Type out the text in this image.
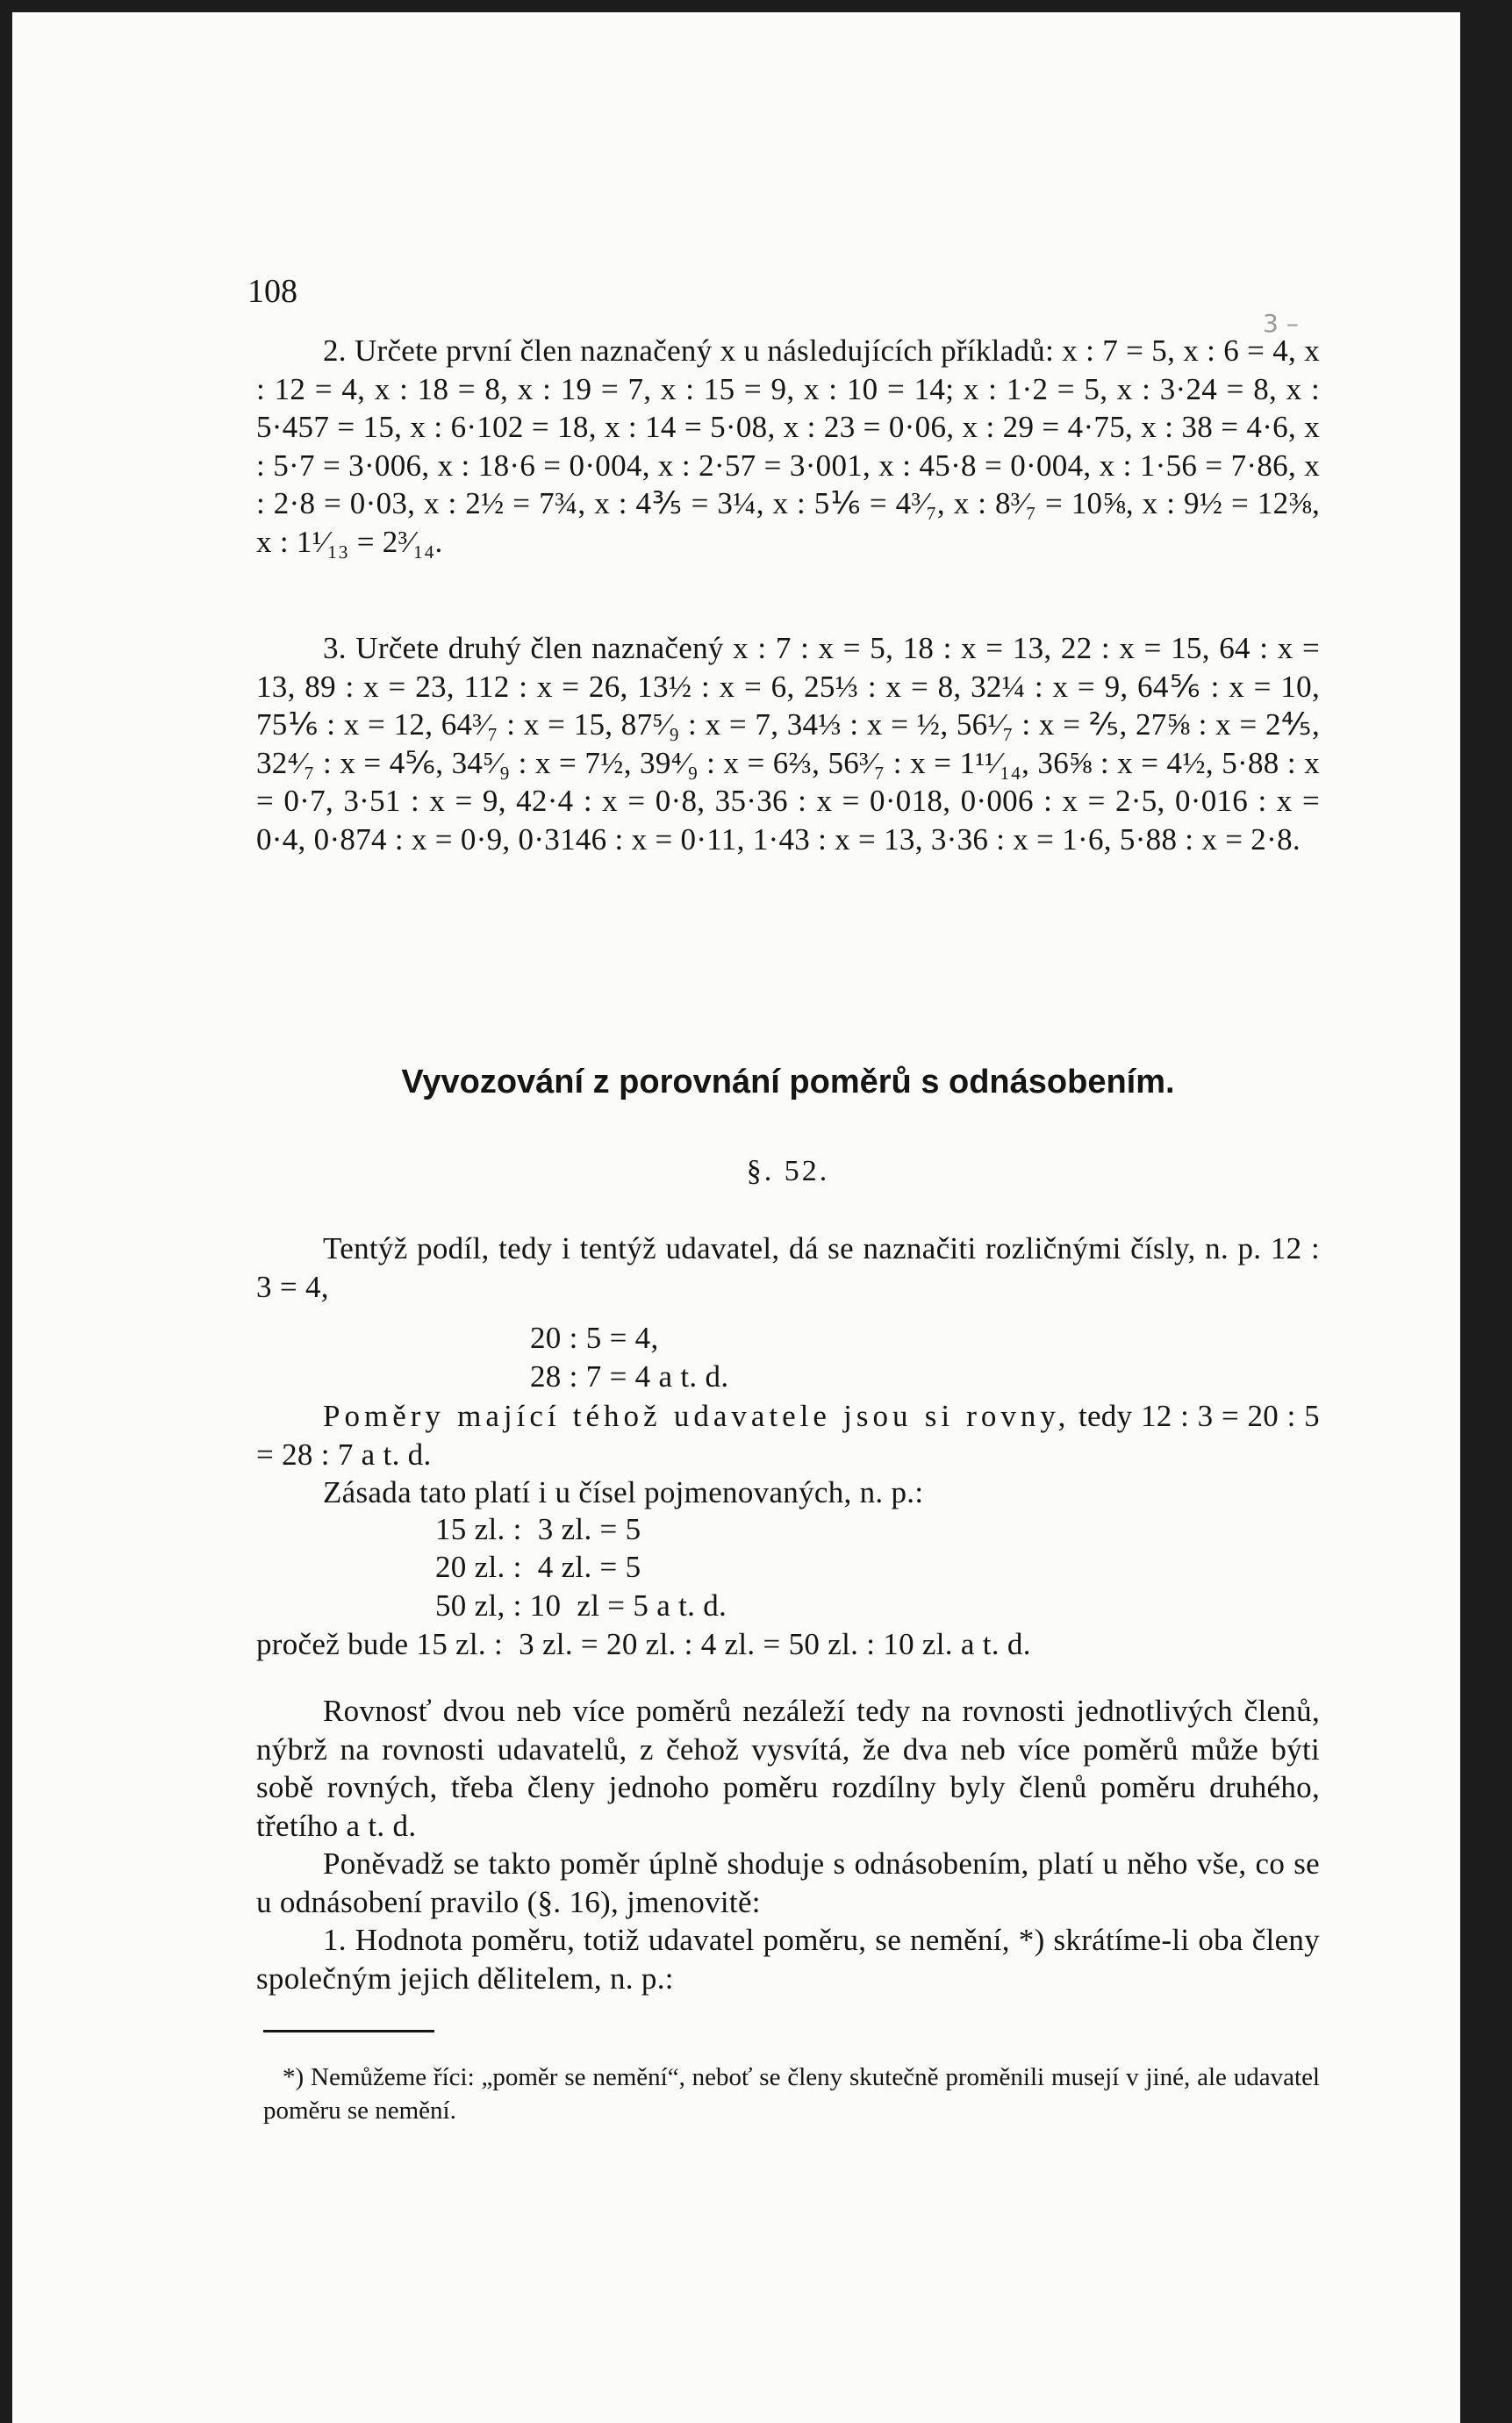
3 –

108

2. Určete první člen naznačený x u následujících příkladů: x : 7 = 5, x : 6 = 4, x : 12 = 4, x : 18 = 8, x : 19 = 7, x : 15 = 9, x : 10 = 14; x : 1·2 = 5, x : 3·24 = 8, x : 5·457 = 15, x : 6·102 = 18, x : 14 = 5·08, x : 23 = 0·06, x : 29 = 4·75, x : 38 = 4·6, x : 5·7 = 3·006, x : 18·6 = 0·004, x : 2·57 = 3·001, x : 45·8 = 0·004, x : 1·56 = 7·86, x : 2·8 = 0·03, x : 2½ = 7¾, x : 4⅗ = 3¼, x : 5⅙ = 4³⁄₇, x : 8³⁄₇ = 10⅝, x : 9½ = 12⅜, x : 1¹⁄₁₃ = 2³⁄₁₄.

3. Určete druhý člen naznačený x : 7 : x = 5, 18 : x = 13, 22 : x = 15, 64 : x = 13, 89 : x = 23, 112 : x = 26, 13½ : x = 6, 25⅓ : x = 8, 32¼ : x = 9, 64⅚ : x = 10, 75⅙ : x = 12, 64³⁄₇ : x = 15, 87⁵⁄₉ : x = 7, 34⅓ : x = ½, 56¹⁄₇ : x = ⅖, 27⅝ : x = 2⅘, 32⁴⁄₇ : x = 4⅚, 34⁵⁄₉ : x = 7½, 39⁴⁄₉ : x = 6⅔, 56³⁄₇ : x = 1¹¹⁄₁₄, 36⅝ : x = 4½, 5·88 : x = 0·7, 3·51 : x = 9, 42·4 : x = 0·8, 35·36 : x = 0·018, 0·006 : x = 2·5, 0·016 : x = 0·4, 0·874 : x = 0·9, 0·3146 : x = 0·11, 1·43 : x = 13, 3·36 : x = 1·6, 5·88 : x = 2·8.

Vyvozování z porovnání poměrů s odnásobením.

§. 52.

Tentýž podíl, tedy i tentýž udavatel, dá se naznačiti rozličnými čísly, n. p. 12 : 3 = 4,

20 : 5 = 4,

28 : 7 = 4 a t. d.

Poměry mající téhož udavatele jsou si rovny, tedy 12 : 3 = 20 : 5 = 28 : 7 a t. d.

Zásada tato platí i u čísel pojmenovaných, n. p.:

15 zl. :  3 zl. = 5

20 zl. :  4 zl. = 5

50 zl, : 10  zl = 5 a t. d.

pročež bude 15 zl. :  3 zl. = 20 zl. : 4 zl. = 50 zl. : 10 zl. a t. d.

Rovnosť dvou neb více poměrů nezáleží tedy na rovnosti jednotlivých členů, nýbrž na rovnosti udavatelů, z čehož vysvítá, že dva neb více poměrů může býti sobě rovných, třeba členy jednoho poměru rozdílny byly členů poměru druhého, třetího a t. d.

Poněvadž se takto poměr úplně shoduje s odnásobením, platí u něho vše, co se u odnásobení pravilo (§. 16), jmenovitě:

1. Hodnota poměru, totiž udavatel poměru, se nemění, *) skrátíme-li oba členy společným jejich dělitelem, n. p.:

*) Nemůžeme říci: „poměr se nemění“, neboť se členy skutečně proměnili musejí v jiné, ale udavatel poměru se nemění.
